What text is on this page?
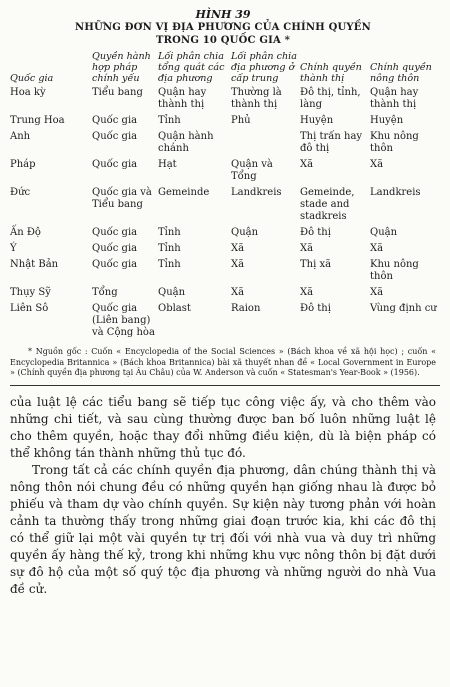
HÌNH 39
NHỮNG ĐƠN VỊ ĐỊA PHƯƠNG CỦA CHÍNH QUYỀN
TRONG 10 QUỐC GIA *
Quốc gia	Quyền hành hợp pháp chính yếu	Lối phân chia tổng quát các địa phương	Lối phân chia địa phương ở cấp trung	Chính quyền thành thị	Chính quyền nông thôn
Hoa kỳ	Tiểu bang	Quận hay thành thị	Thường là thành thị	Đô thị, tỉnh, làng	Quận hay thành thị
Trung Hoa	Quốc gia	Tỉnh	Phủ	Huyện	Huyện
Anh	Quốc gia	Quận hành chánh		Thị trấn hay đô thị	Khu nông thôn
Pháp	Quốc gia	Hạt	Quận và Tổng	Xã	Xã
Đức	Quốc gia và Tiểu bang	Gemeinde	Landkreis	Gemeinde, stade and stadkreis	Landkreis
Ấn Độ	Quốc gia	Tỉnh	Quận	Đô thị	Quận
Ý	Quốc gia	Tỉnh	Xã	Xã	Xã
Nhật Bản	Quốc gia	Tỉnh	Xã	Thị xã	Khu nông thôn
Thụy Sỹ	Tổng	Quận	Xã	Xã	Xã
Liên Sô	Quốc gia (Liên bang) và Cộng hòa	Oblast	Raion	Đô thị	Vùng định cư

* Nguồn gốc : Cuốn « Encyclopedia of the Social Sciences » (Bách khoa về xã hội học) ; cuốn « Encyclopedia Britannica » (Bách khoa Britannica) bài xã thuyết nhan đề « Local Government in Europe » (Chính quyền địa phương tại Âu Châu) của W. Anderson và cuốn « Statesman's Year-Book » (1956).

của luật lệ các tiểu bang sẽ tiếp tục công việc ấy, và cho thêm vào những chi tiết, và sau cùng thường được ban bố luôn những luật lệ cho thêm quyền, hoặc thay đổi những điều kiện, dù là biện pháp có thể không tán thành những thủ tục đó.

Trong tất cả các chính quyền địa phương, dân chúng thành thị và nông thôn nói chung đều có những quyền hạn giống nhau là được bỏ phiếu và tham dự vào chính quyền. Sự kiện này tương phản với hoàn cảnh ta thường thấy trong những giai đoạn trước kia, khi các đô thị có thể giữ lại một vài quyền tự trị đối với nhà vua và duy trì những quyền ấy hàng thế kỷ, trong khi những khu vực nông thôn bị đặt dưới sự đô hộ của một số quý tộc địa phương và những người do nhà Vua đề cử.
